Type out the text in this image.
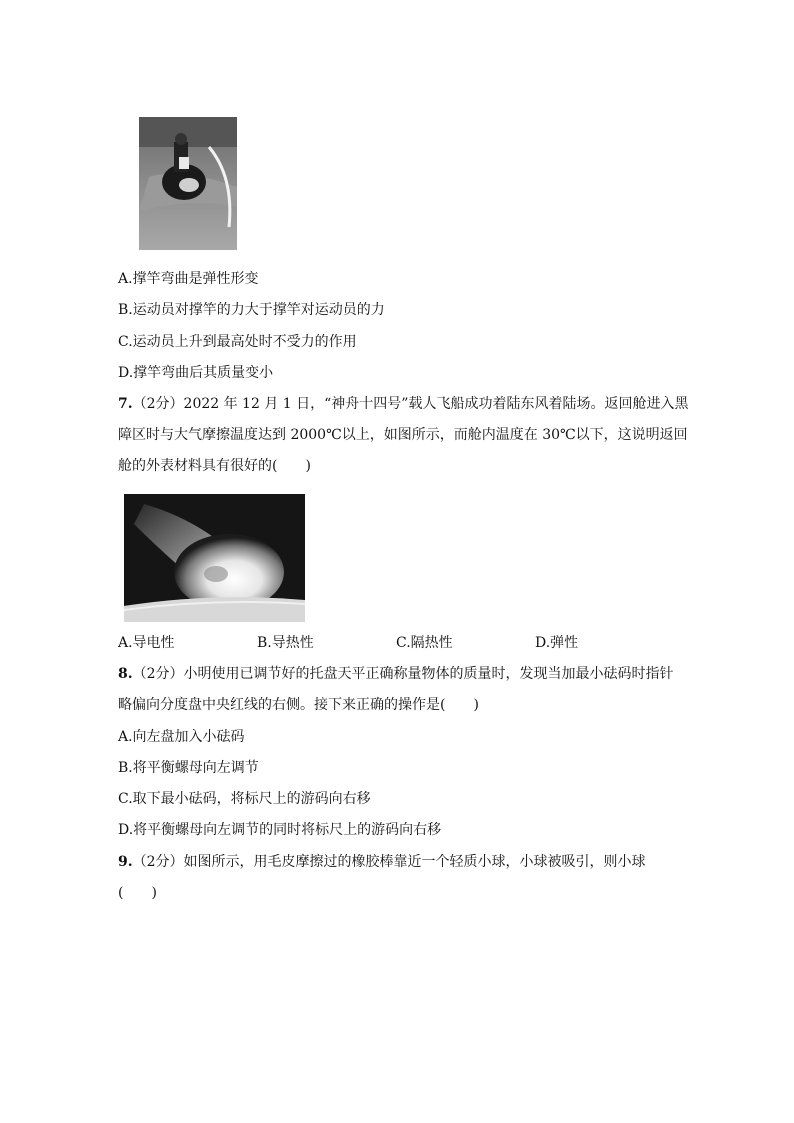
A.撑竿弯曲是弹性形变
B.运动员对撑竿的力大于撑竿对运动员的力
C.运动员上升到最高处时不受力的作用
D.撑竿弯曲后其质量变小
7.（2分）2022 年 12 月 1 日，“神舟十四号”载人飞船成功着陆东风着陆场。返回舱进入黑
障区时与大气摩擦温度达到 2000℃以上，如图所示，而舱内温度在 30℃以下，这说明返回
舱的外表材料具有很好的(　　)
A.导电性	B.导热性	C.隔热性	D.弹性
8.（2分）小明使用已调节好的托盘天平正确称量物体的质量时，发现当加最小砝码时指针
略偏向分度盘中央红线的右侧。接下来正确的操作是(　　)
A.向左盘加入小砝码
B.将平衡螺母向左调节
C.取下最小砝码，将标尺上的游码向右移
D.将平衡螺母向左调节的同时将标尺上的游码向右移
9.（2分）如图所示，用毛皮摩擦过的橡胶棒靠近一个轻质小球，小球被吸引，则小球
(　　)
